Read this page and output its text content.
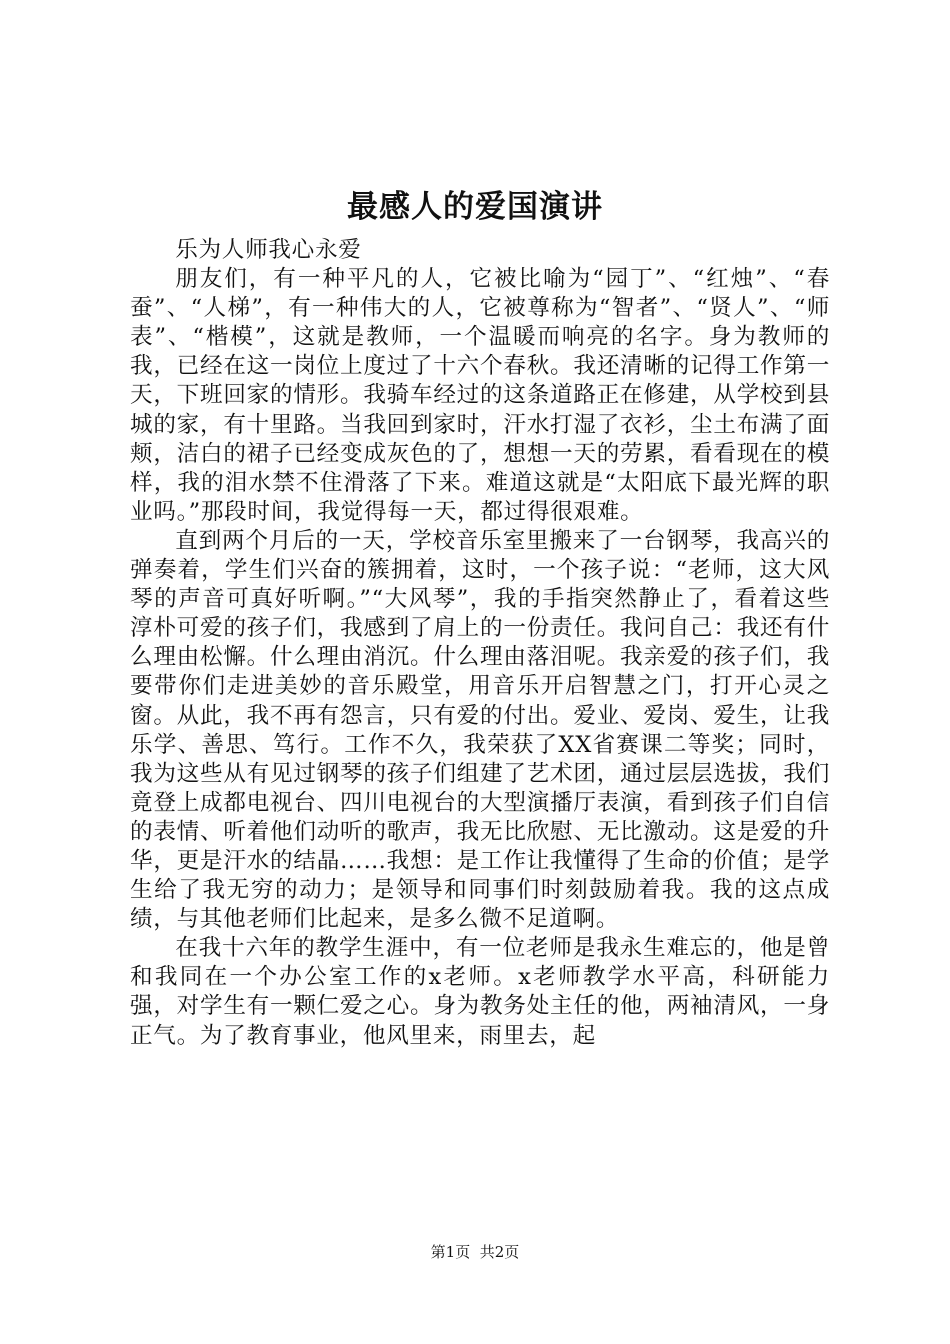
最感人的爱国演讲

乐为人师我心永爱

朋友们，有一种平凡的人，它被比喻为“园丁”、“红烛”、“春蚕”、“人梯”，有一种伟大的人，它被尊称为“智者”、“贤人”、“师表”、“楷模”，这就是教师，一个温暖而响亮的名字。身为教师的我，已经在这一岗位上度过了十六个春秋。我还清晰的记得工作第一天，下班回家的情形。我骑车经过的这条道路正在修建，从学校到县城的家，有十里路。当我回到家时，汗水打湿了衣衫，尘土布满了面颊，洁白的裙子已经变成灰色的了，想想一天的劳累，看看现在的模样，我的泪水禁不住滑落了下来。难道这就是“太阳底下最光辉的职业吗。”那段时间，我觉得每一天，都过得很艰难。

直到两个月后的一天，学校音乐室里搬来了一台钢琴，我高兴的弹奏着，学生们兴奋的簇拥着，这时，一个孩子说：“老师，这大风琴的声音可真好听啊。”“大风琴”，我的手指突然静止了，看着这些淳朴可爱的孩子们，我感到了肩上的一份责任。我问自己：我还有什么理由松懈。什么理由消沉。什么理由落泪呢。我亲爱的孩子们，我要带你们走进美妙的音乐殿堂，用音乐开启智慧之门，打开心灵之窗。从此，我不再有怨言，只有爱的付出。爱业、爱岗、爱生，让我乐学、善思、笃行。工作不久，我荣获了XX省赛课二等奖；同时，我为这些从有见过钢琴的孩子们组建了艺术团，通过层层选拔，我们竟登上成都电视台、四川电视台的大型演播厅表演，看到孩子们自信的表情、听着他们动听的歌声，我无比欣慰、无比激动。这是爱的升华，更是汗水的结晶……我想：是工作让我懂得了生命的价值；是学生给了我无穷的动力；是领导和同事们时刻鼓励着我。我的这点成绩，与其他老师们比起来，是多么微不足道啊。

在我十六年的教学生涯中，有一位老师是我永生难忘的，他是曾和我同在一个办公室工作的x老师。x老师教学水平高，科研能力强，对学生有一颗仁爱之心。身为教务处主任的他，两袖清风，一身正气。为了教育事业，他风里来，雨里去，起

第1页 共2页
